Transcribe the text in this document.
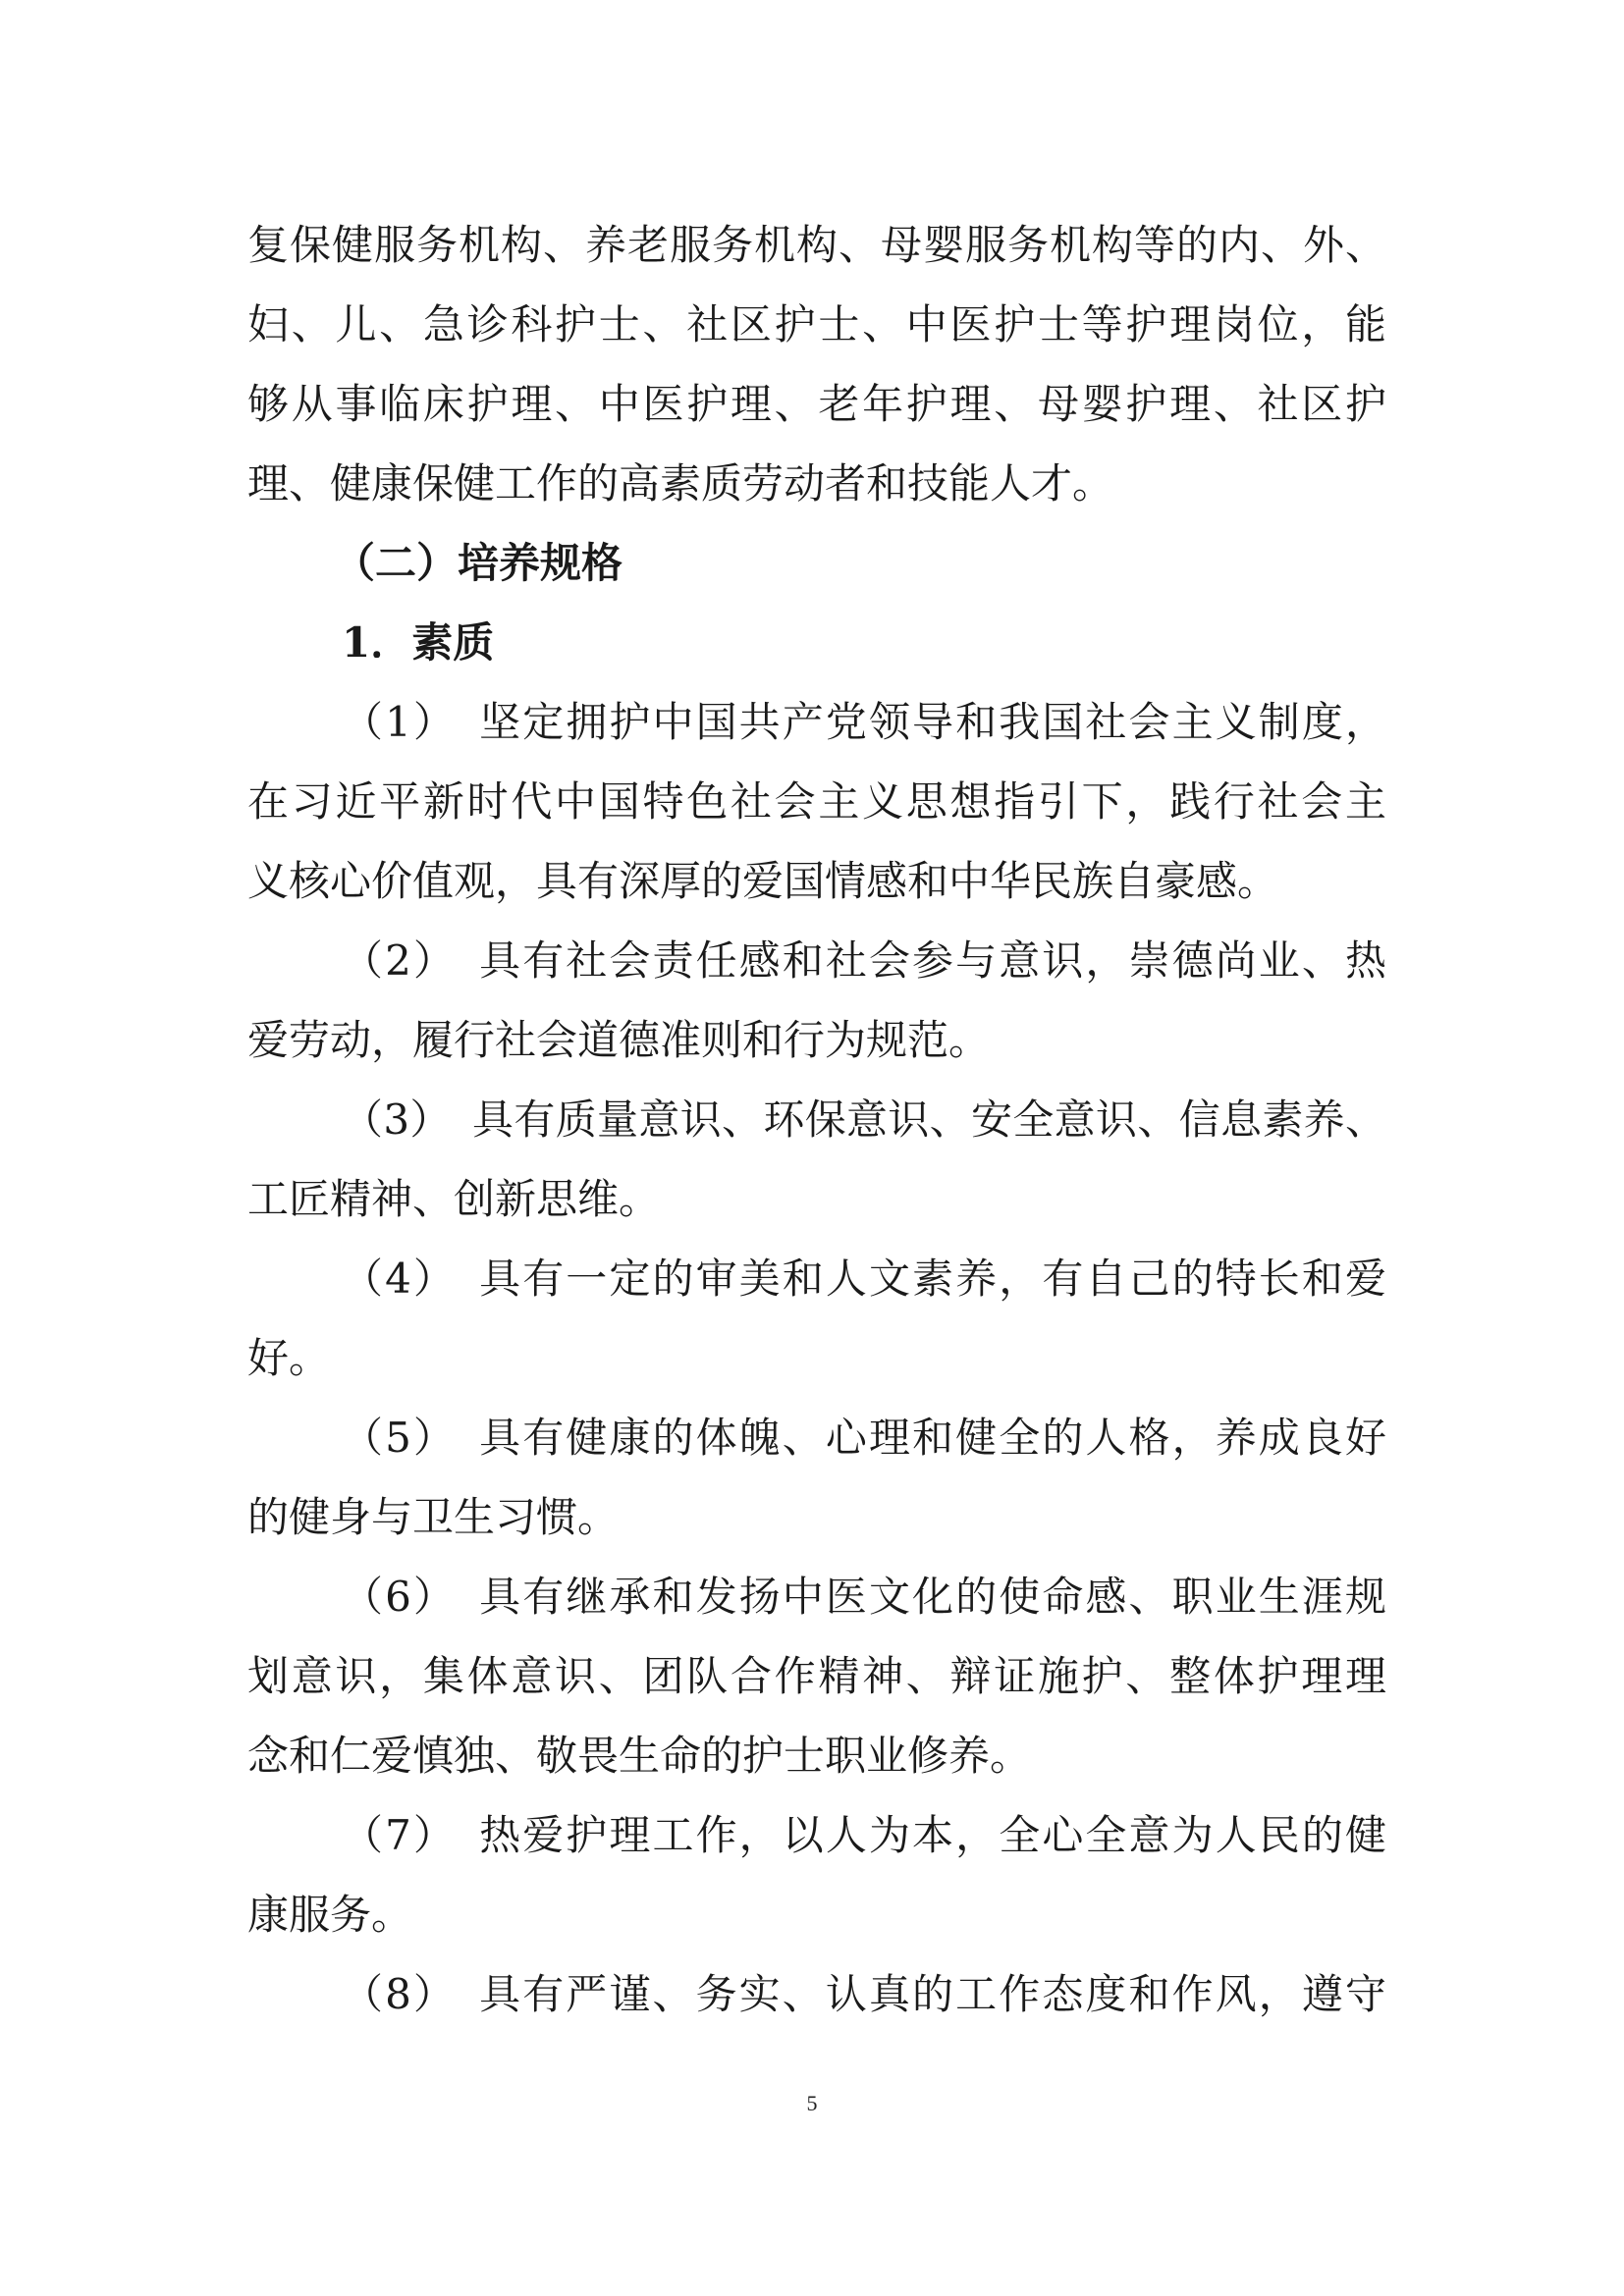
复保健服务机构、养老服务机构、母婴服务机构等的内、外、
妇、儿、急诊科护士、社区护士、中医护士等护理岗位，能
够从事临床护理、中医护理、老年护理、母婴护理、社区护
理、健康保健工作的高素质劳动者和技能人才。
（二）培养规格
1．素质
（1）　坚定拥护中国共产党领导和我国社会主义制度，
在习近平新时代中国特色社会主义思想指引下，践行社会主
义核心价值观，具有深厚的爱国情感和中华民族自豪感。
（2）　具有社会责任感和社会参与意识，崇德尚业、热
爱劳动，履行社会道德准则和行为规范。
（3）　具有质量意识、环保意识、安全意识、信息素养、
工匠精神、创新思维。
（4）　具有一定的审美和人文素养，有自己的特长和爱
好。
（5）　具有健康的体魄、心理和健全的人格，养成良好
的健身与卫生习惯。
（6）　具有继承和发扬中医文化的使命感、职业生涯规
划意识，集体意识、团队合作精神、辩证施护、整体护理理
念和仁爱慎独、敬畏生命的护士职业修养。
（7）　热爱护理工作，以人为本，全心全意为人民的健
康服务。
（8）　具有严谨、务实、认真的工作态度和作风，遵守
5
